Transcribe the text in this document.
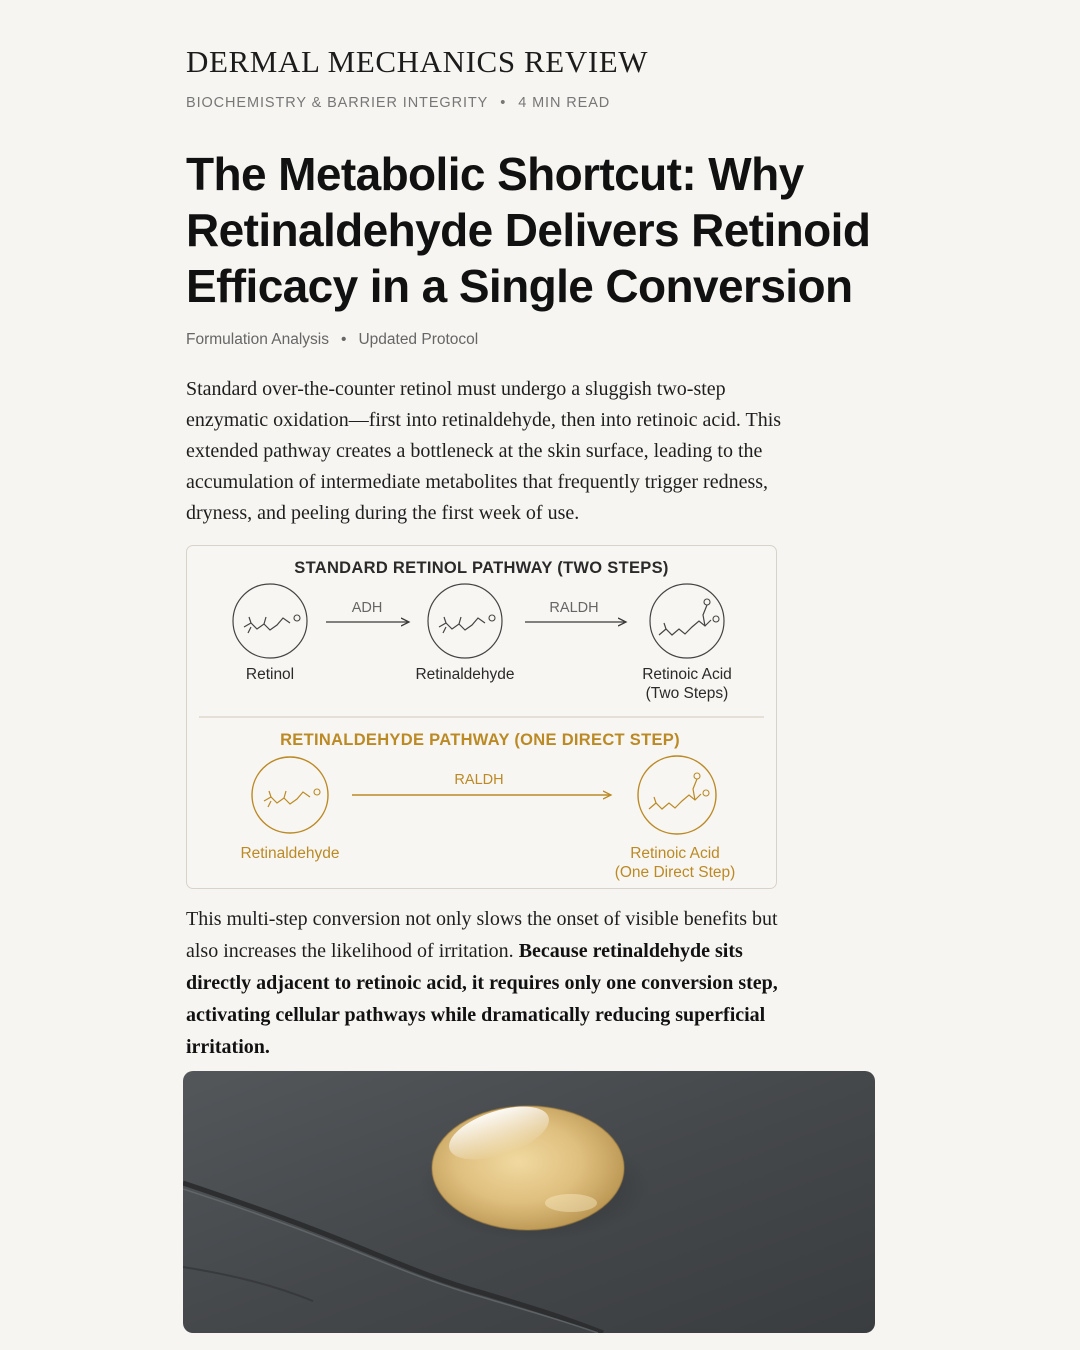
DERMAL MECHANICS REVIEW
BIOCHEMISTRY & BARRIER INTEGRITY • 4 MIN READ
The Metabolic Shortcut: Why Retinaldehyde Delivers Retinoid Efficacy in a Single Conversion
Formulation Analysis • Updated Protocol

Standard over-the-counter retinol must undergo a sluggish two-step enzymatic oxidation—first into retinaldehyde, then into retinoic acid. This extended pathway creates a bottleneck at the skin surface, leading to the accumulation of intermediate metabolites that frequently trigger redness, dryness, and peeling during the first week of use.

STANDARD RETINOL PATHWAY (TWO STEPS)
ADH	RALDH
Retinol	Retinaldehyde	Retinoic Acid
(Two Steps)
RETINALDEHYDE PATHWAY (ONE DIRECT STEP)
RALDH
Retinaldehyde	Retinoic Acid
(One Direct Step)

This multi-step conversion not only slows the onset of visible benefits but also increases the likelihood of irritation. Because retinaldehyde sits directly adjacent to retinoic acid, it requires only one conversion step, activating cellular pathways while dramatically reducing superficial irritation.
